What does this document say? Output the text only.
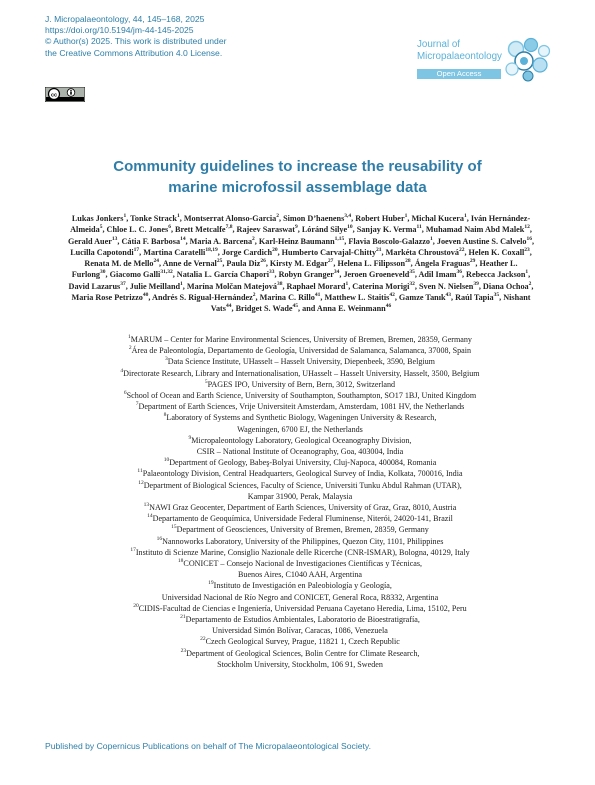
J. Micropalaeontology, 44, 145–168, 2025
https://doi.org/10.5194/jm-44-145-2025
© Author(s) 2025. This work is distributed under
the Creative Commons Attribution 4.0 License.
cc
Journal of
Micropalaeontology
Open Access
Community guidelines to increase the reusability of
marine microfossil assemblage data
Lukas Jonkers$^1$, Tonke Strack$^1$, Montserrat Alonso-Garcia$^2$, Simon D’haenens$^{3,4}$, Robert Huber$^1$, Michal Kucera$^1$, Iván Hernández-Almeida$^5$, Chloe L. C. Jones$^6$, Brett Metcalfe$^{7,8}$, Rajeev Saraswat$^9$, Lóránd Silye$^{10}$, Sanjay K. Verma$^{11}$, Muhamad Naim Abd Malek$^{12}$, Gerald Auer$^{13}$, Cátia F. Barbosa$^{14}$, Maria A. Barcena$^2$, Karl-Heinz Baumann$^{1,15}$, Flavia Boscolo-Galazzo$^1$, Joeven Austine S. Calvelo$^{16}$, Lucilla Capotondi$^{17}$, Martina Caratelli$^{18,19}$, Jorge Cardich$^{20}$, Humberto Carvajal-Chitty$^{21}$, Markéta Chroustová$^{22}$, Helen K. Coxall$^{23}$, Renata M. de Mello$^{24}$, Anne de Vernal$^{25}$, Paula Diz$^{26}$, Kirsty M. Edgar$^{27}$, Helena L. Filipsson$^{28}$, Ángela Fraguas$^{29}$, Heather L. Furlong$^{30}$, Giacomo Galli$^{31,32}$, Natalia L. García Chapori$^{33}$, Robyn Granger$^{34}$, Jeroen Groeneveld$^{35}$, Adil Imam$^{36}$, Rebecca Jackson$^1$, David Lazarus$^{37}$, Julie Meilland$^1$, Marína Molčan Matejová$^{38}$, Raphael Morard$^1$, Caterina Morigi$^{32}$, Sven N. Nielsen$^{39}$, Diana Ochoa$^2$, Maria Rose Petrizzo$^{40}$, Andrés S. Rigual-Hernández$^2$, Marina C. Rillo$^{41}$, Matthew L. Staitis$^{42}$, Gamze Tanık$^{43}$, Raúl Tapia$^{35}$, Nishant Vats$^{44}$, Bridget S. Wade$^{45}$, and Anna E. Weinmann$^{46}$

$^1$MARUM – Center for Marine Environmental Sciences, University of Bremen, Bremen, 28359, Germany

$^2$Área de Paleontología, Departamento de Geología, Universidad de Salamanca, Salamanca, 37008, Spain

$^3$Data Science Institute, UHasselt – Hasselt University, Diepenbeek, 3590, Belgium

$^4$Directorate Research, Library and Internationalisation, UHasselt – Hasselt University, Hasselt, 3500, Belgium

$^5$PAGES IPO, University of Bern, Bern, 3012, Switzerland

$^6$School of Ocean and Earth Science, University of Southampton, Southampton, SO17 1BJ, United Kingdom

$^7$Department of Earth Sciences, Vrije Universiteit Amsterdam, Amsterdam, 1081 HV, the Netherlands

$^8$Laboratory of Systems and Synthetic Biology, Wageningen University & Research,

Wageningen, 6700 EJ, the Netherlands

$^9$Micropaleontology Laboratory, Geological Oceanography Division,

CSIR – National Institute of Oceanography, Goa, 403004, India

$^{10}$Department of Geology, Babeş-Bolyai University, Cluj-Napoca, 400084, Romania

$^{11}$Palaeontology Division, Central Headquarters, Geological Survey of India, Kolkata, 700016, India

$^{12}$Department of Biological Sciences, Faculty of Science, Universiti Tunku Abdul Rahman (UTAR),

Kampar 31900, Perak, Malaysia

$^{13}$NAWI Graz Geocenter, Department of Earth Sciences, University of Graz, Graz, 8010, Austria

$^{14}$Departamento de Geoquímica, Universidade Federal Fluminense, Niterói, 24020-141, Brazil

$^{15}$Department of Geosciences, University of Bremen, Bremen, 28359, Germany

$^{16}$Nannoworks Laboratory, University of the Philippines, Quezon City, 1101, Philippines

$^{17}$Instituto di Scienze Marine, Consiglio Nazionale delle Ricerche (CNR-ISMAR), Bologna, 40129, Italy

$^{18}$CONICET – Consejo Nacional de Investigaciones Científicas y Técnicas,

Buenos Aires, C1040 AAH, Argentina

$^{19}$Instituto de Investigación en Paleobiología y Geología,

Universidad Nacional de Río Negro and CONICET, General Roca, R8332, Argentina

$^{20}$CIDIS-Facultad de Ciencias e Ingeniería, Universidad Peruana Cayetano Heredia, Lima, 15102, Peru

$^{21}$Departamento de Estudios Ambientales, Laboratorio de Bioestratigrafía,

Universidad Simón Bolívar, Caracas, 1086, Venezuela

$^{22}$Czech Geological Survey, Prague, 11821 1, Czech Republic

$^{23}$Department of Geological Sciences, Bolin Centre for Climate Research,

Stockholm University, Stockholm, 106 91, Sweden

Published by Copernicus Publications on behalf of The Micropalaeontological Society.
